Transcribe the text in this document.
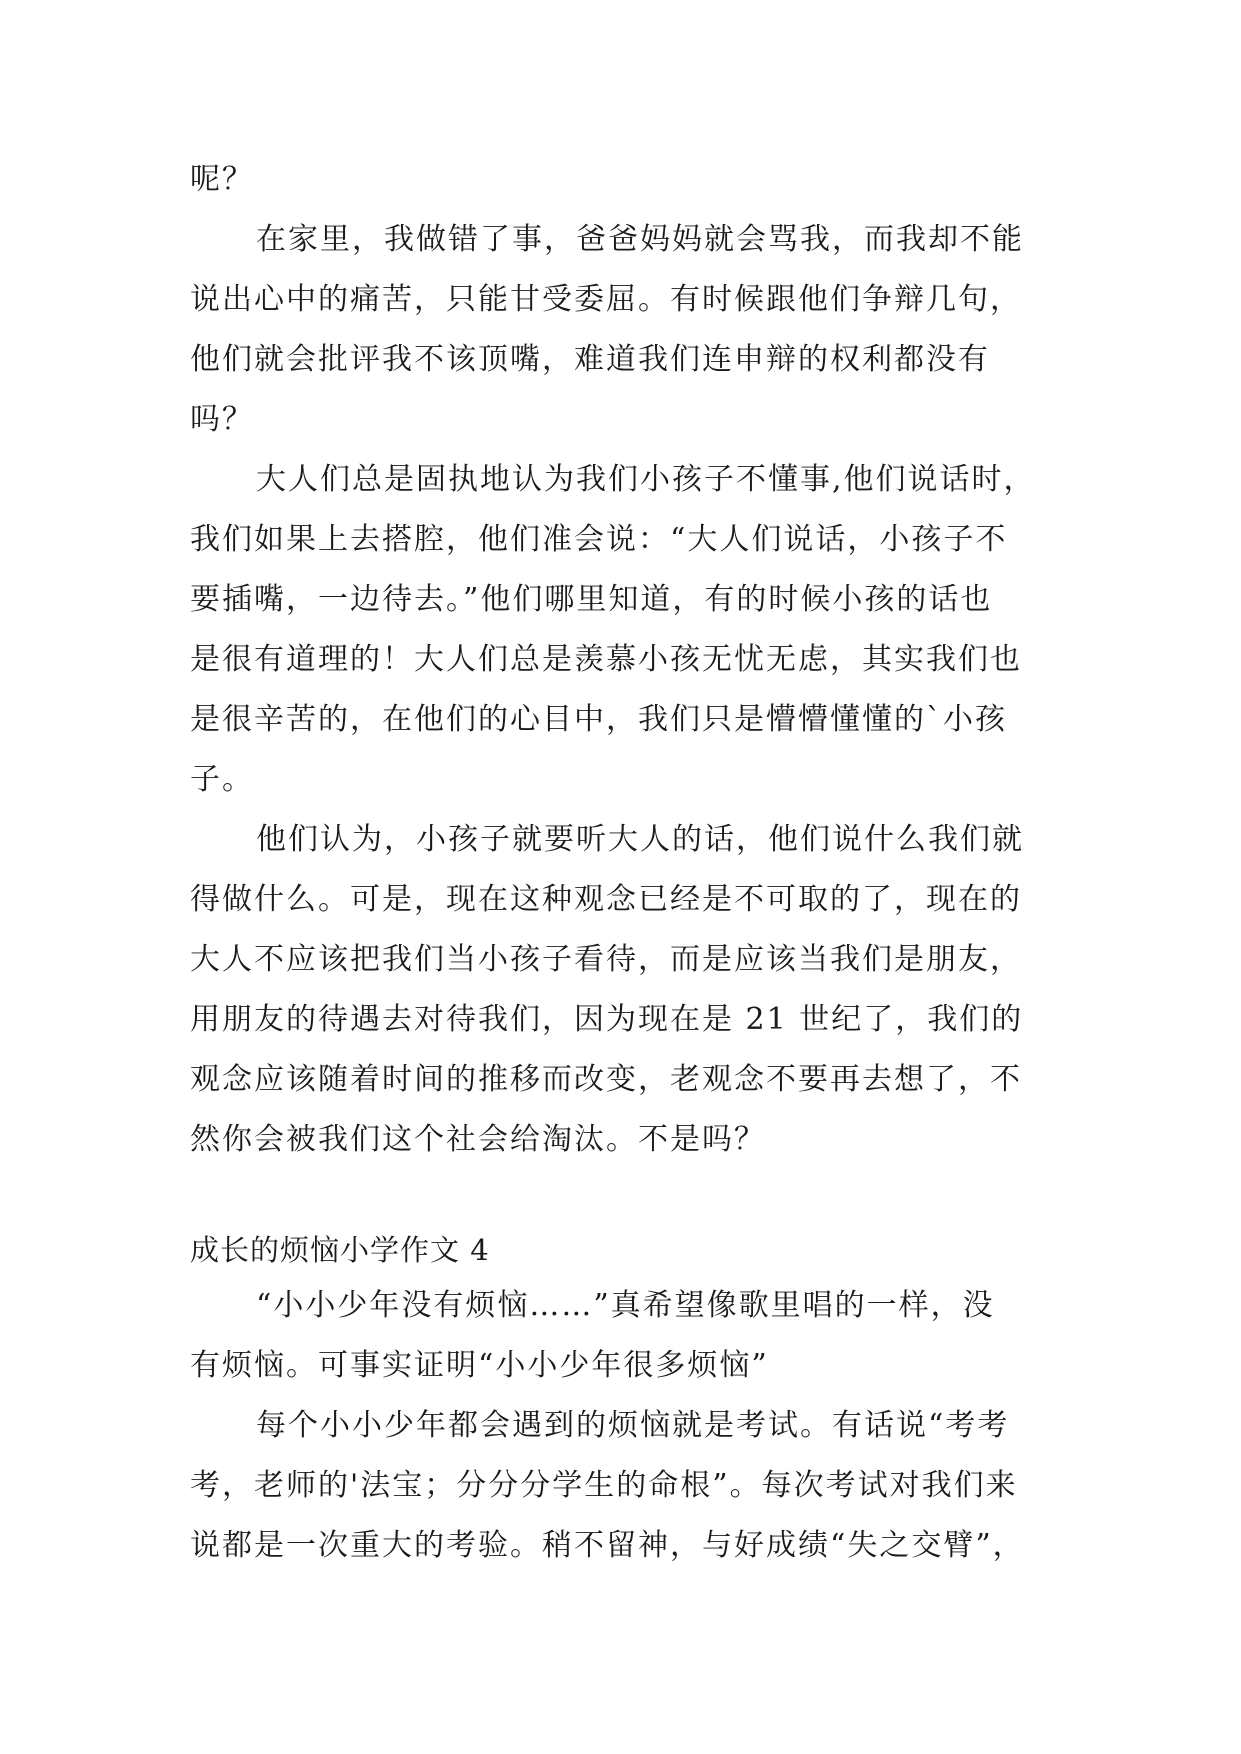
呢？
在家里，我做错了事，爸爸妈妈就会骂我，而我却不能
说出心中的痛苦，只能甘受委屈。有时候跟他们争辩几句，
他们就会批评我不该顶嘴，难道我们连申辩的权利都没有
吗？
大人们总是固执地认为我们小孩子不懂事,他们说话时，
我们如果上去搭腔，他们准会说：“大人们说话，小孩子不
要插嘴，一边待去。”他们哪里知道，有的时候小孩的话也
是很有道理的！大人们总是羡慕小孩无忧无虑，其实我们也
是很辛苦的，在他们的心目中，我们只是懵懵懂懂的`小孩
子。
他们认为，小孩子就要听大人的话，他们说什么我们就
得做什么。可是，现在这种观念已经是不可取的了，现在的
大人不应该把我们当小孩子看待，而是应该当我们是朋友，
用朋友的待遇去对待我们，因为现在是 21 世纪了，我们的
观念应该随着时间的推移而改变，老观念不要再去想了，不
然你会被我们这个社会给淘汰。不是吗？
成长的烦恼小学作文 4
“小小少年没有烦恼……”真希望像歌里唱的一样，没
有烦恼。可事实证明“小小少年很多烦恼”
每个小小少年都会遇到的烦恼就是考试。有话说“考考
考，老师的'法宝；分分分学生的命根”。每次考试对我们来
说都是一次重大的考验。稍不留神，与好成绩“失之交臂”，
